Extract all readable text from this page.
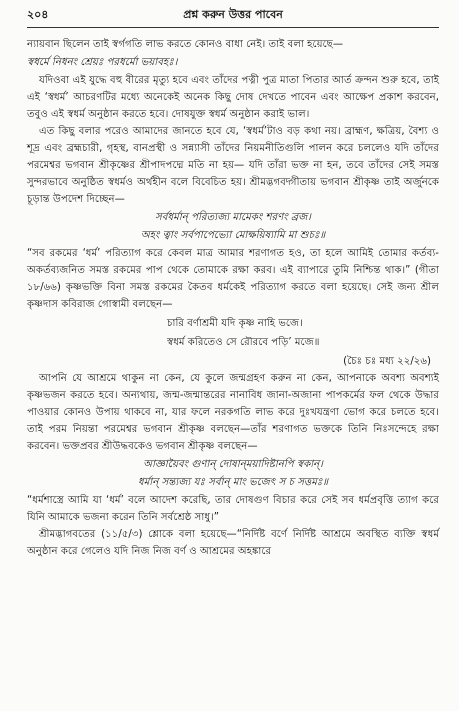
২০৪	প্রশ্ন করুন উত্তর পাবেন
ন্যায়বান ছিলেন তাই স্বর্গগতি লাভ করতে কোনও বাধা নেই। তাই বলা হয়েছে—
স্বধর্মে নিধনং শ্রেয়ঃ পরধর্মো ভয়াবহঃ।
যদিওবা এই যুদ্ধে বহু বীরের মৃত্যু হবে এবং তাঁদের পত্নী পুত্র মাতা পিতার আর্ত ক্রন্দন শুরু হবে, তাই এই ‘স্বধর্ম’ আচরণটির মধ্যে অনেকেই অনেক কিছু দোষ দেখতে পাবেন এবং আক্ষেপ প্রকাশ করবেন, তবুও এই স্বধর্ম অনুষ্ঠান করতে হবে। দোষযুক্ত স্বধর্ম অনুষ্ঠান করাই ভাল।
এত কিছু বলার পরেও আমাদের জানতে হবে যে, ‘স্বধর্ম’টাও বড় কথা নয়। ব্রাহ্মণ, ক্ষত্রিয়, বৈশ্য ও শূদ্র এবং ব্রহ্মচারী, গৃহস্থ, বানপ্রস্থী ও সন্ন্যাসী তাঁদের নিয়মনীতিগুলি পালন করে চললেও যদি তাঁদের পরমেশ্বর ভগবান শ্রীকৃষ্ণের শ্রীপাদপদ্মে মতি না হয়— যদি তাঁরা ভক্ত না হন, তবে তাঁদের সেই সমস্ত সুন্দরভাবে অনুষ্ঠিত স্বধর্মও অর্থহীন বলে বিবেচিত হয়। শ্রীমদ্ভগবদ্গীতায় ভগবান শ্রীকৃষ্ণ তাই অর্জুনকে চূড়ান্ত উপদেশ দিচ্ছেন—
সর্বধর্মান্‌ পরিত্যজ্য মামেকং শরণং ব্রজ।
অহং ত্বাং সর্বপাপেভ্যো মোক্ষয়িষ্যামি মা শুচঃ॥
“সব রকমের ‘ধর্ম’ পরিত্যাগ করে কেবল মাত্র আমার শরণাগত হও, তা হলে আমিই তোমার কর্তব্য-অকর্তব্যজনিত সমস্ত রকমের পাপ থেকে তোমাকে রক্ষা করব। এই ব্যাপারে তুমি নিশ্চিন্ত থাক।” (গীতা ১৮/৬৬) কৃষ্ণভক্তি বিনা সমস্ত রকমের কৈতব ধর্মকেই পরিত্যাগ করতে বলা হয়েছে। সেই জন্য শ্রীল কৃষ্ণদাস কবিরাজ গোস্বামী বলছেন—
চারি বর্ণাশ্রমী যদি কৃষ্ণ নাহি ভজে।
স্বধর্ম করিতেও সে রৌরবে পড়ি’ মজে॥
(চৈঃ চঃ মধ্য ২২/২৬)
আপনি যে আশ্রমে থাকুন না কেন, যে কুলে জন্মগ্রহণ করুন না কেন, আপনাকে অবশ্য অবশ্যই কৃষ্ণভজন করতে হবে। অন্যথায়, জন্ম-জন্মান্তরের নানাবিধ জানা-অজানা পাপকর্মের ফল থেকে উদ্ধার পাওয়ার কোনও উপায় থাকবে না, যার ফলে নরকগতি লাভ করে দুঃখযন্ত্রণা ভোগ করে চলতে হবে। তাই পরম নিয়ন্তা পরমেশ্বর ভগবান শ্রীকৃষ্ণ বলছেন—তাঁর শরণাগত ভক্তকে তিনি নিঃসন্দেহে রক্ষা করবেন। ভক্তপ্রবর শ্রীউদ্ধবকেও ভগবান শ্রীকৃষ্ণ বলছেন—
আজ্ঞায়ৈবং গুণান্‌ দোষান্‌ময়াদিষ্টানপি স্বকান্‌।
ধর্মান্‌ সন্ত্যজ্য যঃ সর্বান্‌ মাং ভজেৎ স চ সত্তমঃ॥
“ধর্মশাস্ত্রে আমি যা ‘ধর্ম’ বলে আদেশ করেছি, তার দোষগুণ বিচার করে সেই সব ধর্মপ্রবৃত্তি ত্যাগ করে যিনি আমাকে ভজনা করেন তিনি সর্বশ্রেষ্ঠ সাধু।”
শ্রীমদ্ভাগবতের (১১/৫/৩) শ্লোকে বলা হয়েছে—“নির্দিষ্ট বর্ণে নির্দিষ্ট আশ্রমে অবস্থিত ব্যক্তি স্বধর্ম অনুষ্ঠান করে গেলেও যদি নিজ নিজ বর্ণ ও আশ্রমের অহঙ্কারে
